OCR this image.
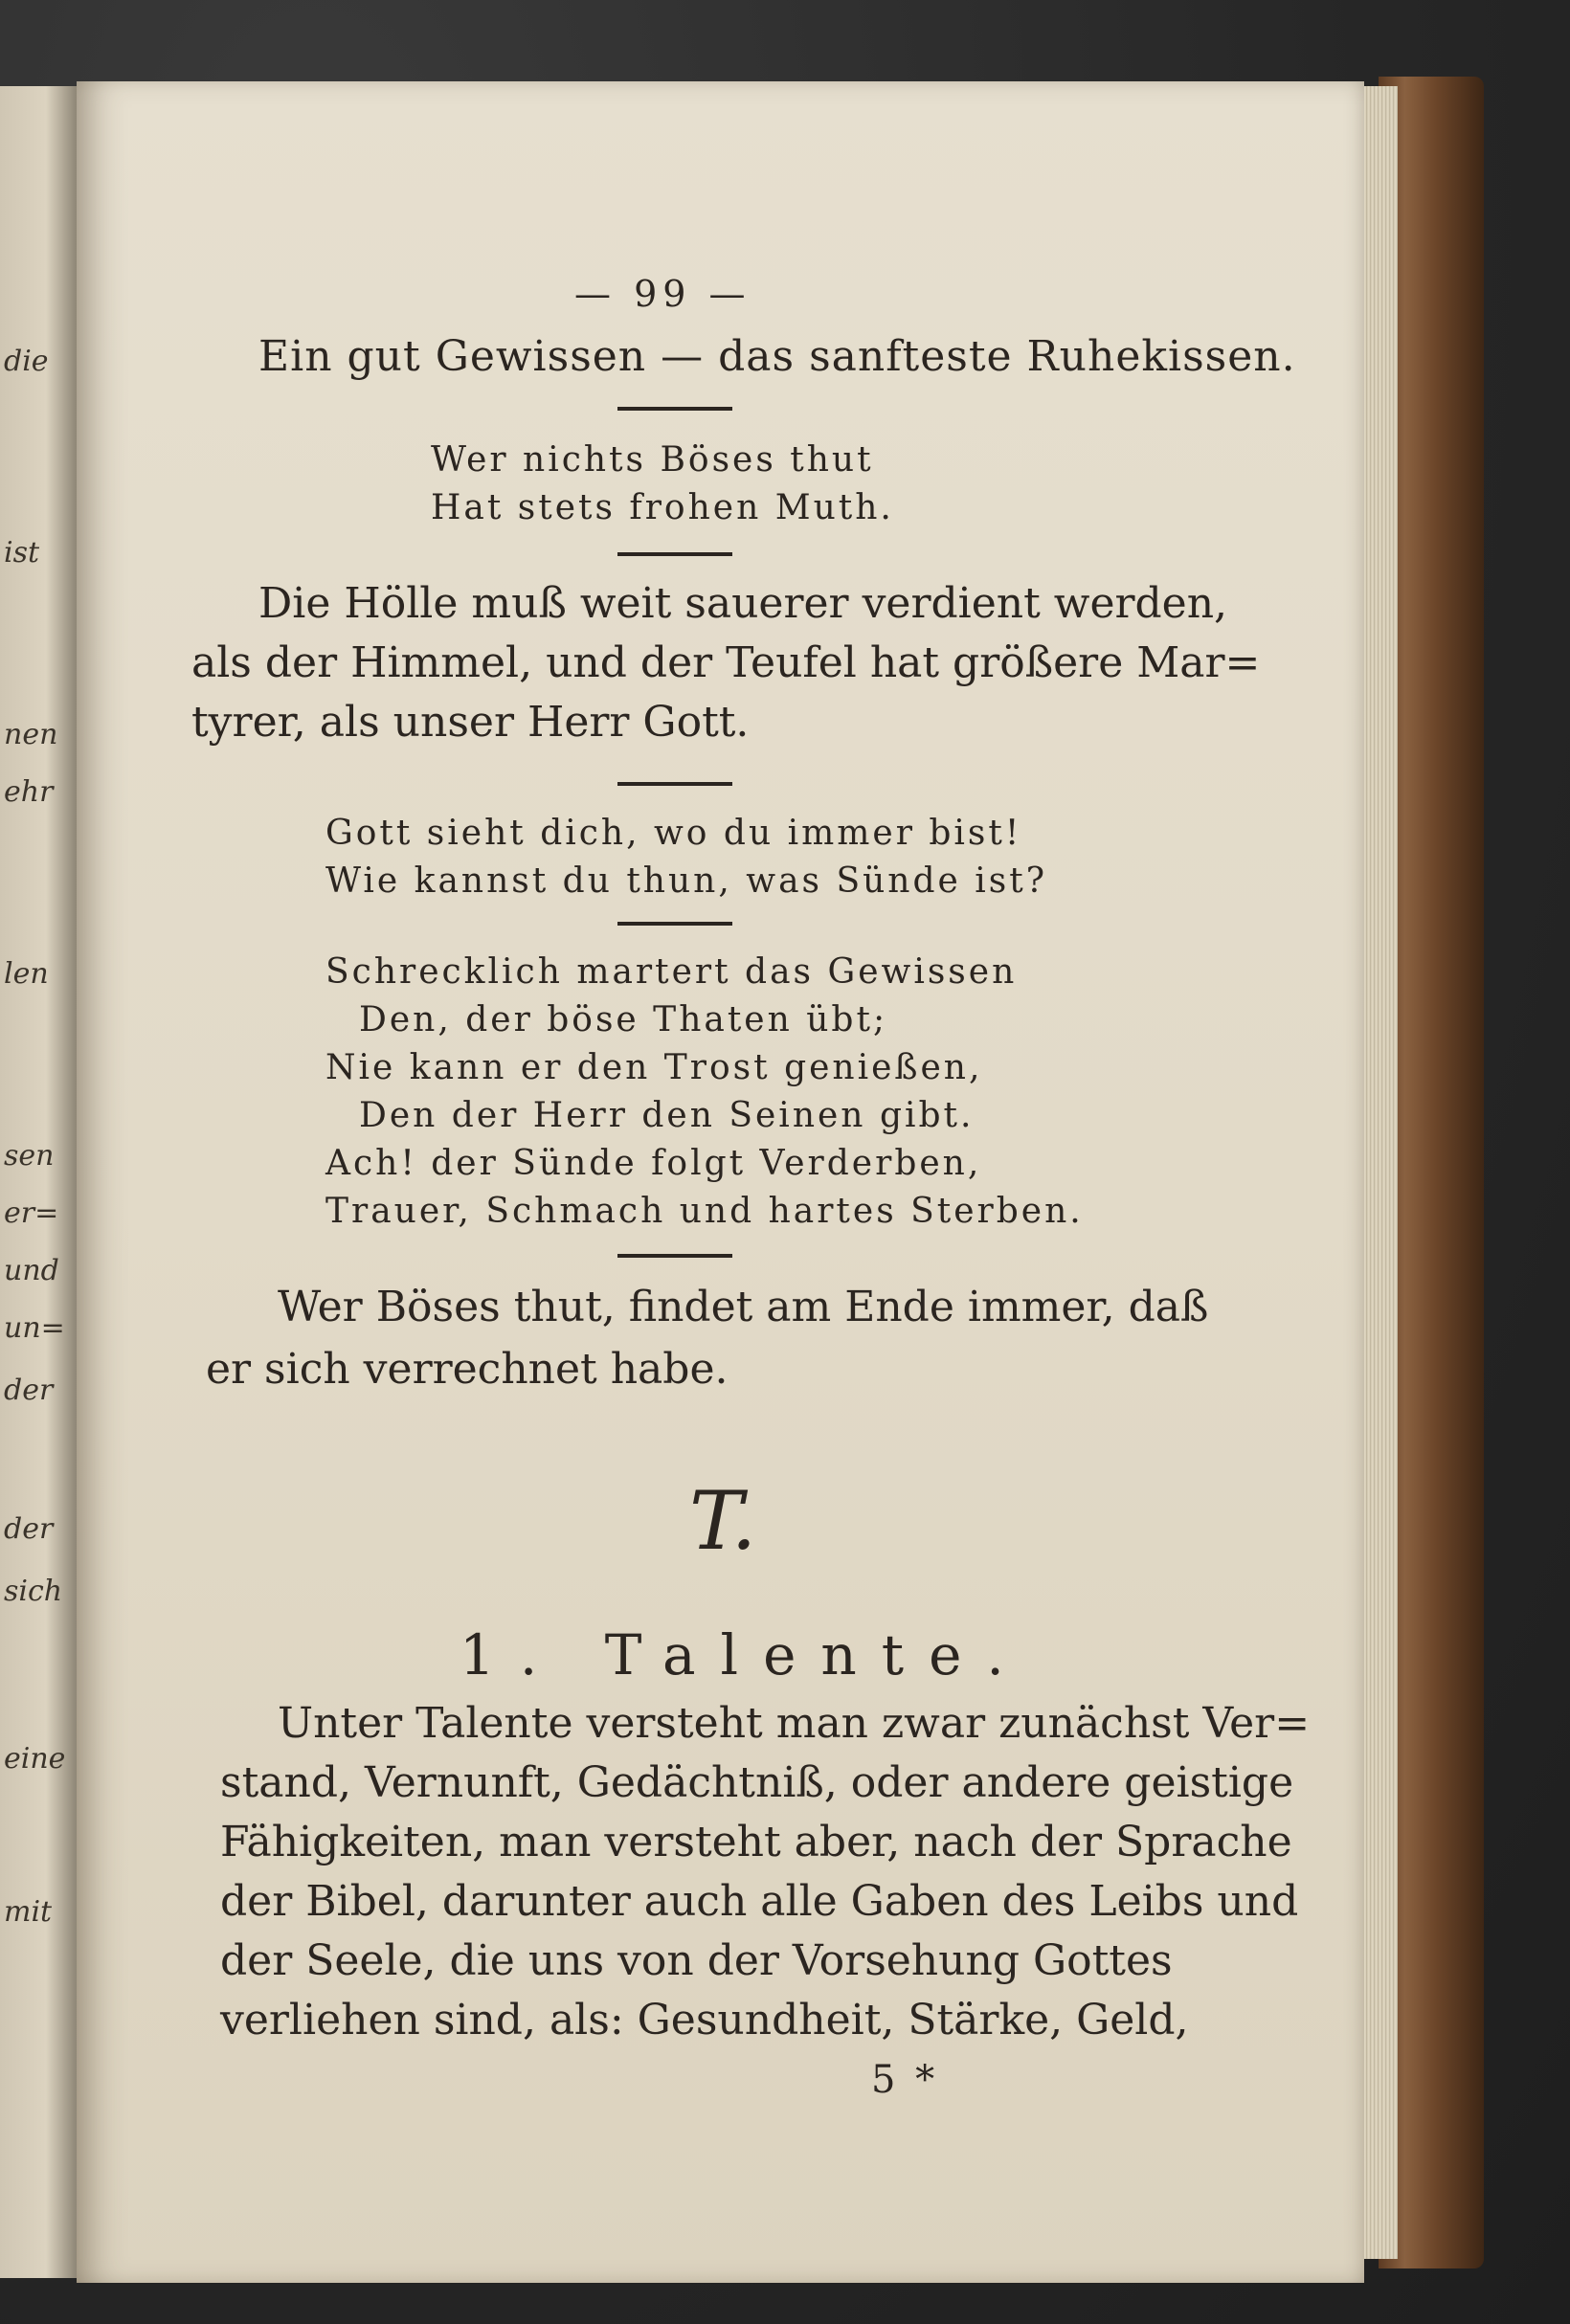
die
ist
nen
ehr
len
sen
er=
und
un=
der
der
sich
eine
mit
— 99 —
Ein gut Gewissen — das sanfteste Ruhekissen.
Wer nichts Böses thut
Hat stets frohen Muth.
Die Hölle muß weit sauerer verdient werden,
als der Himmel, und der Teufel hat größere Mar=
tyrer, als unser Herr Gott.
Gott sieht dich, wo du immer bist!
Wie kannst du thun, was Sünde ist?
Schrecklich martert das Gewissen
Den, der böse Thaten übt;
Nie kann er den Trost genießen,
Den der Herr den Seinen gibt.
Ach! der Sünde folgt Verderben,
Trauer, Schmach und hartes Sterben.
Wer Böses thut, findet am Ende immer, daß
er sich verrechnet habe.
T.
1. Talente.
Unter Talente versteht man zwar zunächst Ver=
stand, Vernunft, Gedächtniß, oder andere geistige
Fähigkeiten, man versteht aber, nach der Sprache
der Bibel, darunter auch alle Gaben des Leibs und
der Seele, die uns von der Vorsehung Gottes
verliehen sind, als: Gesundheit, Stärke, Geld,
5 *
